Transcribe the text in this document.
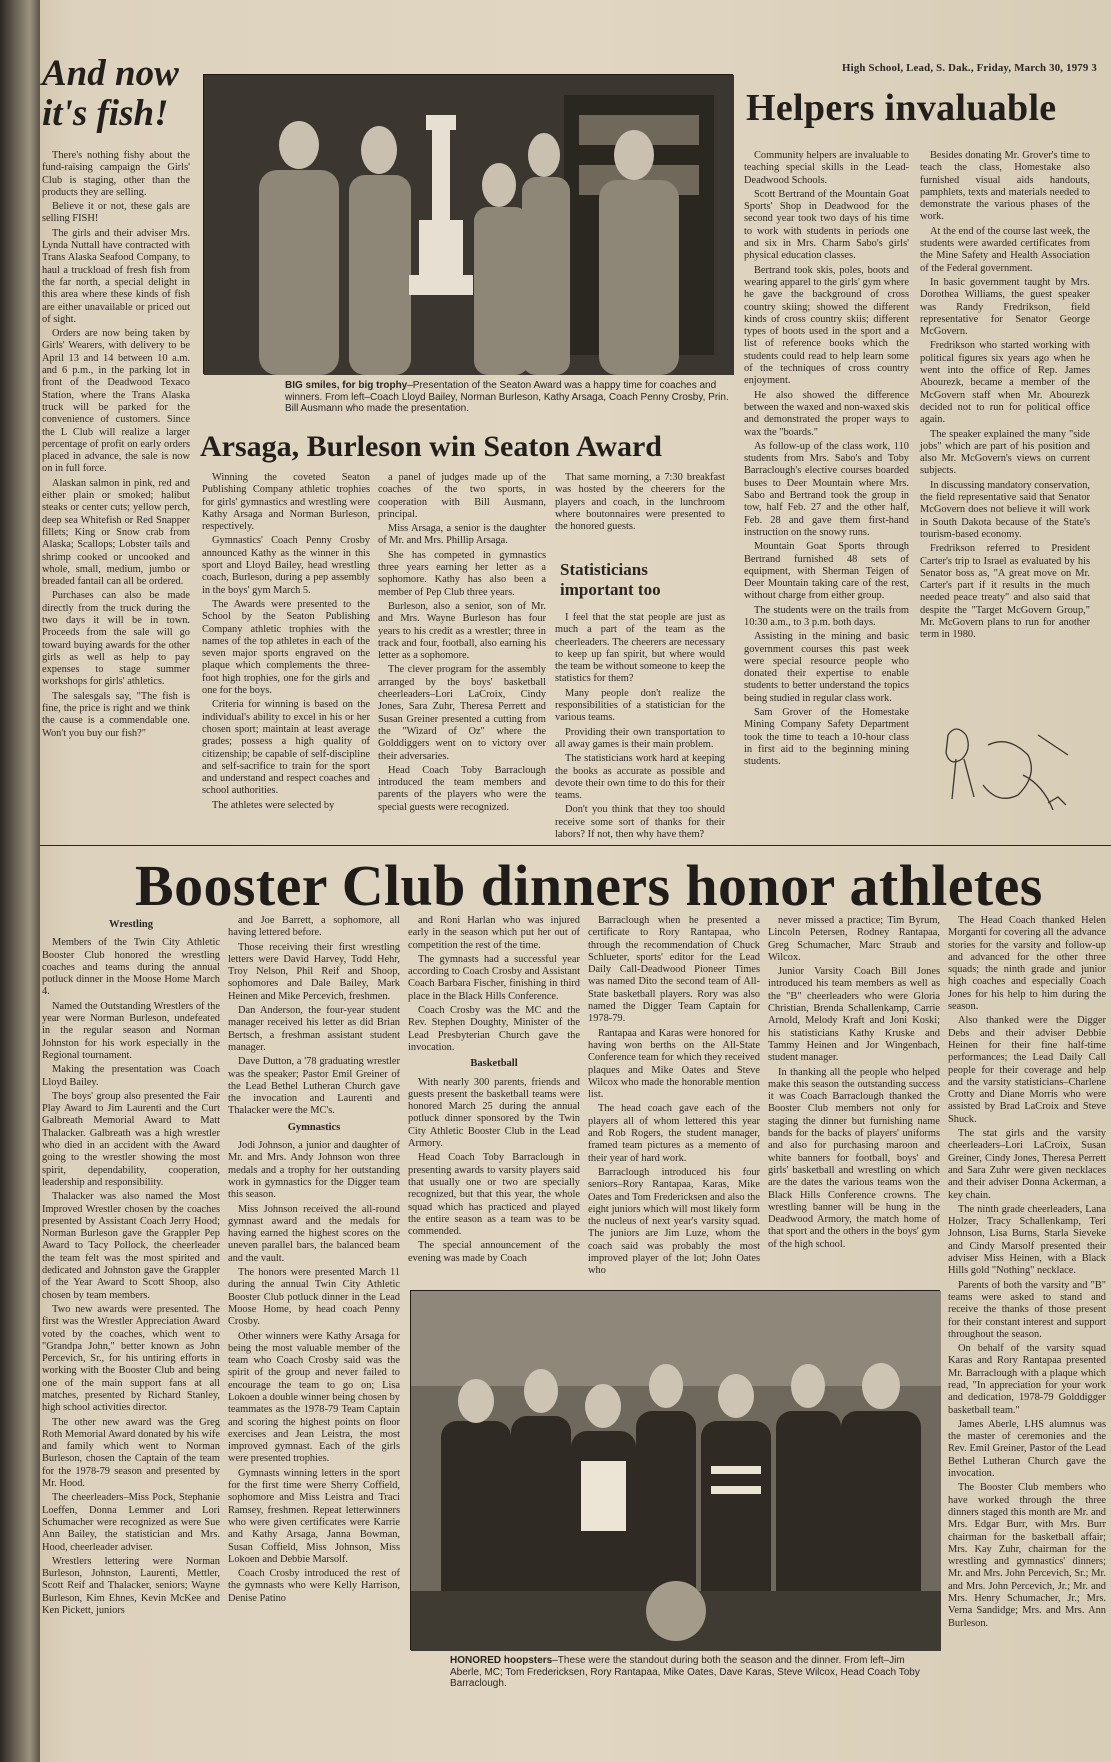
High School, Lead, S. Dak., Friday, March 30, 1979 3
And now it's fish!

There's nothing fishy about the fund-raising campaign the Girls' Club is staging, other than the products they are selling.

Believe it or not, these gals are selling FISH!

The girls and their adviser Mrs. Lynda Nuttall have contracted with Trans Alaska Seafood Company, to haul a truckload of fresh fish from the far north, a special delight in this area where these kinds of fish are either unavailable or priced out of sight.

Orders are now being taken by Girls' Wearers, with delivery to be April 13 and 14 between 10 a.m. and 6 p.m., in the parking lot in front of the Deadwood Texaco Station, where the Trans Alaska truck will be parked for the convenience of customers. Since the L Club will realize a larger percentage of profit on early orders placed in advance, the sale is now on in full force.

Alaskan salmon in pink, red and either plain or smoked; halibut steaks or center cuts; yellow perch, deep sea Whitefish or Red Snapper fillets; King or Snow crab from Alaska; Scallops; Lobster tails and shrimp cooked or uncooked and whole, small, medium, jumbo or breaded fantail can all be ordered.

Purchases can also be made directly from the truck during the two days it will be in town. Proceeds from the sale will go toward buying awards for the other girls as well as help to pay expenses to stage summer workshops for girls' athletics.

The salesgals say, "The fish is fine, the price is right and we think the cause is a commendable one. Won't you buy our fish?"

BIG smiles, for big trophy–Presentation of the Seaton Award was a happy time for coaches and winners. From left–Coach Lloyd Bailey, Norman Burleson, Kathy Arsaga, Coach Penny Crosby, Prin. Bill Ausmann who made the presentation.
Arsaga, Burleson win Seaton Award

Winning the coveted Seaton Publishing Company athletic trophies for girls' gymnastics and wrestling were Kathy Arsaga and Norman Burleson, respectively.

Gymnastics' Coach Penny Crosby announced Kathy as the winner in this sport and Lloyd Bailey, head wrestling coach, Burleson, during a pep assembly in the boys' gym March 5.

The Awards were presented to the School by the Seaton Publishing Company athletic trophies with the names of the top athletes in each of the seven major sports engraved on the plaque which complements the three-foot high trophies, one for the girls and one for the boys.

Criteria for winning is based on the individual's ability to excel in his or her chosen sport; maintain at least average grades; possess a high quality of citizenship; be capable of self-discipline and self-sacrifice to train for the sport and understand and respect coaches and school authorities.

The athletes were selected by

a panel of judges made up of the coaches of the two sports, in cooperation with Bill Ausmann, principal.

Miss Arsaga, a senior is the daughter of Mr. and Mrs. Phillip Arsaga.

She has competed in gymnastics three years earning her letter as a sophomore. Kathy has also been a member of Pep Club three years.

Burleson, also a senior, son of Mr. and Mrs. Wayne Burleson has four years to his credit as a wrestler; three in track and four, football, also earning his letter as a sophomore.

The clever program for the assembly arranged by the boys' basketball cheerleaders–Lori LaCroix, Cindy Jones, Sara Zuhr, Theresa Perrett and Susan Greiner presented a cutting from the "Wizard of Oz" where the Golddiggers went on to victory over their adversaries.

Head Coach Toby Barraclough introduced the team members and parents of the players who were the special guests were recognized.

That same morning, a 7:30 breakfast was hosted by the cheerers for the players and coach, in the lunchroom where boutonnaires were presented to the honored guests.

Statisticians important too

I feel that the stat people are just as much a part of the team as the cheerleaders. The cheerers are necessary to keep up fan spirit, but where would the team be without someone to keep the statistics for them?

Many people don't realize the responsibilities of a statistician for the various teams.

Providing their own transportation to all away games is their main problem.

The statisticians work hard at keeping the books as accurate as possible and devote their own time to do this for their teams.

Don't you think that they too should receive some sort of thanks for their labors? If not, then why have them?

Helpers invaluable

Community helpers are invaluable to teaching special skills in the Lead-Deadwood Schools.

Scott Bertrand of the Mountain Goat Sports' Shop in Deadwood for the second year took two days of his time to work with students in periods one and six in Mrs. Charm Sabo's girls' physical education classes.

Bertrand took skis, poles, boots and wearing apparel to the girls' gym where he gave the background of cross country skiing; showed the different kinds of cross country skiis; different types of boots used in the sport and a list of reference books which the students could read to help learn some of the techniques of cross country enjoyment.

He also showed the difference between the waxed and non-waxed skis and demonstrated the proper ways to wax the "boards."

As follow-up of the class work, 110 students from Mrs. Sabo's and Toby Barraclough's elective courses boarded buses to Deer Mountain where Mrs. Sabo and Bertrand took the group in tow, half Feb. 27 and the other half, Feb. 28 and gave them first-hand instruction on the snowy runs.

Mountain Goat Sports through Bertrand furnished 48 sets of equipment, with Sherman Teigen of Deer Mountain taking care of the rest, without charge from either group.

The students were on the trails from 10:30 a.m., to 3 p.m. both days.

Assisting in the mining and basic government courses this past week were special resource people who donated their expertise to enable students to better understand the topics being studied in regular class work.

Sam Grover of the Homestake Mining Company Safety Department took the time to teach a 10-hour class in first aid to the beginning mining students.

Besides donating Mr. Grover's time to teach the class, Homestake also furnished visual aids handouts, pamphlets, texts and materials needed to demonstrate the various phases of the work.

At the end of the course last week, the students were awarded certificates from the Mine Safety and Health Association of the Federal government.

In basic government taught by Mrs. Dorothea Williams, the guest speaker was Randy Fredrikson, field representative for Senator George McGovern.

Fredrikson who started working with political figures six years ago when he went into the office of Rep. James Abourezk, became a member of the McGovern staff when Mr. Abourezk decided not to run for political office again.

The speaker explained the many "side jobs" which are part of his position and also Mr. McGovern's views on current subjects.

In discussing mandatory conservation, the field representative said that Senator McGovern does not believe it will work in South Dakota because of the State's tourism-based economy.

Fredrikson referred to President Carter's trip to Israel as evaluated by his Senator boss as, "A great move on Mr. Carter's part if it results in the much needed peace treaty" and also said that despite the "Target McGovern Group," Mr. McGovern plans to run for another term in 1980.

Booster Club dinners honor athletes
Wrestling

Members of the Twin City Athletic Booster Club honored the wrestling coaches and teams during the annual potluck dinner in the Moose Home March 4.

Named the Outstanding Wrestlers of the year were Norman Burleson, undefeated in the regular season and Norman Johnston for his work especially in the Regional tournament.

Making the presentation was Coach Lloyd Bailey.

The boys' group also presented the Fair Play Award to Jim Laurenti and the Curt Galbreath Memorial Award to Matt Thalacker. Galbreath was a high wrestler who died in an accident with the Award going to the wrestler showing the most spirit, dependability, cooperation, leadership and responsibility.

Thalacker was also named the Most Improved Wrestler chosen by the coaches presented by Assistant Coach Jerry Hood; Norman Burleson gave the Grappler Pep Award to Tacy Pollock, the cheerleader the team felt was the most spirited and dedicated and Johnston gave the Grappler of the Year Award to Scott Shoop, also chosen by team members.

Two new awards were presented. The first was the Wrestler Appreciation Award voted by the coaches, which went to "Grandpa John," better known as John Percevich, Sr., for his untiring efforts in working with the Booster Club and being one of the main support fans at all matches, presented by Richard Stanley, high school activities director.

The other new award was the Greg Roth Memorial Award donated by his wife and family which went to Norman Burleson, chosen the Captain of the team for the 1978-79 season and presented by Mr. Hood.

The cheerleaders–Miss Pock, Stephanie Loeffen, Donna Lemmer and Lori Schumacher were recognized as were Sue Ann Bailey, the statistician and Mrs. Hood, cheerleader adviser.

Wrestlers lettering were Norman Burleson, Johnston, Laurenti, Mettler, Scott Reif and Thalacker, seniors; Wayne Burleson, Kim Ehnes, Kevin McKee and Ken Pickett, juniors

and Joe Barrett, a sophomore, all having lettered before.

Those receiving their first wrestling letters were David Harvey, Todd Hehr, Troy Nelson, Phil Reif and Shoop, sophomores and Dale Bailey, Mark Heinen and Mike Percevich, freshmen.

Dan Anderson, the four-year student manager received his letter as did Brian Bertsch, a freshman assistant student manager.

Dave Dutton, a '78 graduating wrestler was the speaker; Pastor Emil Greiner of the Lead Bethel Lutheran Church gave the invocation and Laurenti and Thalacker were the MC's.

Gymnastics

Jodi Johnson, a junior and daughter of Mr. and Mrs. Andy Johnson won three medals and a trophy for her outstanding work in gymnastics for the Digger team this season.

Miss Johnson received the all-round gymnast award and the medals for having earned the highest scores on the uneven parallel bars, the balanced beam and the vault.

The honors were presented March 11 during the annual Twin City Athletic Booster Club potluck dinner in the Lead Moose Home, by head coach Penny Crosby.

Other winners were Kathy Arsaga for being the most valuable member of the team who Coach Crosby said was the spirit of the group and never failed to encourage the team to go on; Lisa Lokoen a double winner being chosen by teammates as the 1978-79 Team Captain and scoring the highest points on floor exercises and Jean Leistra, the most improved gymnast. Each of the girls were presented trophies.

Gymnasts winning letters in the sport for the first time were Sherry Coffield, sophomore and Miss Leistra and Traci Ramsey, freshmen. Repeat letterwinners who were given certificates were Karrie and Kathy Arsaga, Janna Bowman, Susan Coffield, Miss Johnson, Miss Lokoen and Debbie Marsolf.

Coach Crosby introduced the rest of the gymnasts who were Kelly Harrison, Denise Patino

and Roni Harlan who was injured early in the season which put her out of competition the rest of the time.

The gymnasts had a successful year according to Coach Crosby and Assistant Coach Barbara Fischer, finishing in third place in the Black Hills Conference.

Coach Crosby was the MC and the Rev. Stephen Doughty, Minister of the Lead Presbyterian Church gave the invocation.

Basketball

With nearly 300 parents, friends and guests present the basketball teams were honored March 25 during the annual potluck dinner sponsored by the Twin City Athletic Booster Club in the Lead Armory.

Head Coach Toby Barraclough in presenting awards to varsity players said that usually one or two are specially recognized, but that this year, the whole squad which has practiced and played the entire season as a team was to be commended.

The special announcement of the evening was made by Coach

Barraclough when he presented a certificate to Rory Rantapaa, who through the recommendation of Chuck Schlueter, sports' editor for the Lead Daily Call-Deadwood Pioneer Times was named Dito the second team of All-State basketball players. Rory was also named the Digger Team Captain for 1978-79.

Rantapaa and Karas were honored for having won berths on the All-State Conference team for which they received plaques and Mike Oates and Steve Wilcox who made the honorable mention list.

The head coach gave each of the players all of whom lettered this year and Rob Rogers, the student manager, framed team pictures as a memento of their year of hard work.

Barraclough introduced his four seniors–Rory Rantapaa, Karas, Mike Oates and Tom Fredericksen and also the eight juniors which will most likely form the nucleus of next year's varsity squad. The juniors are Jim Luze, whom the coach said was probably the most improved player of the lot; John Oates who

never missed a practice; Tim Byrum, Lincoln Petersen, Rodney Rantapaa, Greg Schumacher, Marc Straub and Wilcox.

Junior Varsity Coach Bill Jones introduced his team members as well as the "B" cheerleaders who were Gloria Christian, Brenda Schallenkamp, Carrie Arnold, Melody Kraft and Joni Koski; his statisticians Kathy Kruske and Tammy Heinen and Jor Wingenbach, student manager.

In thanking all the people who helped make this season the outstanding success it was Coach Barraclough thanked the Booster Club members not only for staging the dinner but furnishing name bands for the backs of players' uniforms and also for purchasing maroon and white banners for football, boys' and girls' basketball and wrestling on which are the dates the various teams won the Black Hills Conference crowns. The wrestling banner will be hung in the Deadwood Armory, the match home of that sport and the others in the boys' gym of the high school.

The Head Coach thanked Helen Morganti for covering all the advance stories for the varsity and follow-up and advanced for the other three squads; the ninth grade and junior high coaches and especially Coach Jones for his help to him during the season.

Also thanked were the Digger Debs and their adviser Debbie Heinen for their fine half-time performances; the Lead Daily Call people for their coverage and help and the varsity statisticians–Charlene Crotty and Diane Morris who were assisted by Brad LaCroix and Steve Shuck.

The stat girls and the varsity cheerleaders–Lori LaCroix, Susan Greiner, Cindy Jones, Theresa Perrett and Sara Zuhr were given necklaces and their adviser Donna Ackerman, a key chain.

The ninth grade cheerleaders, Lana Holzer, Tracy Schallenkamp, Teri Johnson, Lisa Burns, Starla Sieveke and Cindy Marsolf presented their adviser Miss Heinen, with a Black Hills gold "Nothing" necklace.

Parents of both the varsity and "B" teams were asked to stand and receive the thanks of those present for their constant interest and support throughout the season.

On behalf of the varsity squad Karas and Rory Rantapaa presented Mr. Barraclough with a plaque which read, "In appreciation for your work and dedication, 1978-79 Golddigger basketball team."

James Aberle, LHS alumnus was the master of ceremonies and the Rev. Emil Greiner, Pastor of the Lead Bethel Lutheran Church gave the invocation.

The Booster Club members who have worked through the three dinners staged this month are Mr. and Mrs. Edgar Burr, with Mrs. Burr chairman for the basketball affair; Mrs. Kay Zuhr, chairman for the wrestling and gymnastics' dinners; Mr. and Mrs. John Percevich, Sr.; Mr. and Mrs. John Percevich, Jr.; Mr. and Mrs. Henry Schumacher, Jr.; Mrs. Verna Sandidge; Mrs. and Mrs. Ann Burleson.

HONORED hoopsters–These were the standout during both the season and the dinner. From left–Jim Aberle, MC; Tom Fredericksen, Rory Rantapaa, Mike Oates, Dave Karas, Steve Wilcox, Head Coach Toby Barraclough.
